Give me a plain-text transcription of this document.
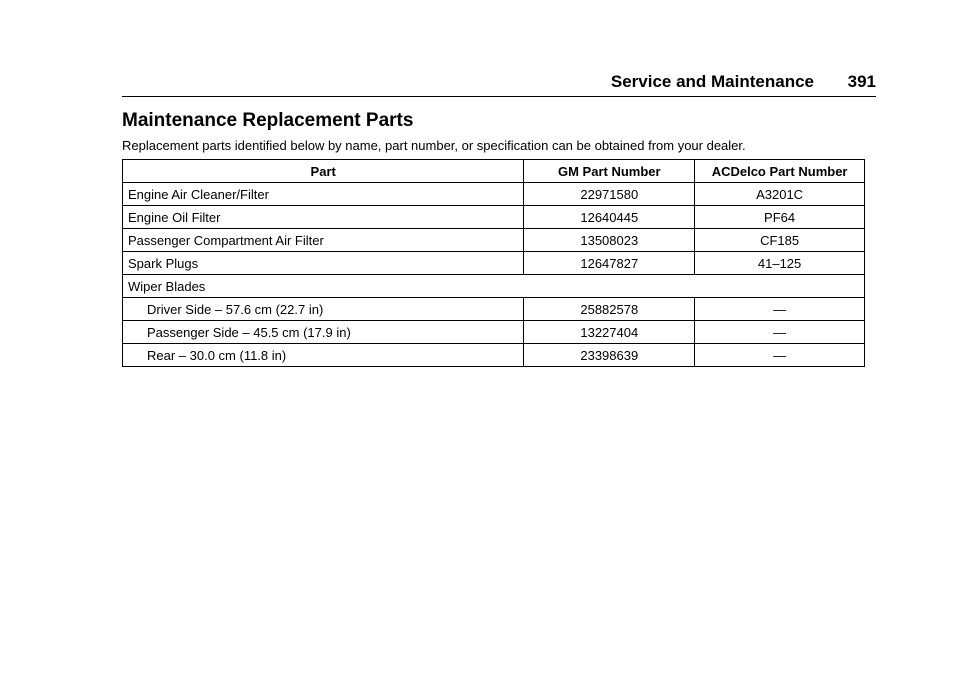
Service and Maintenance 391
Maintenance Replacement Parts

Replacement parts identified below by name, part number, or specification can be obtained from your dealer.

Part	GM Part Number	ACDelco Part Number
Engine Air Cleaner/Filter	22971580	A3201C
Engine Oil Filter	12640445	PF64
Passenger Compartment Air Filter	13508023	CF185
Spark Plugs	12647827	41–125
Wiper Blades		
Driver Side – 57.6 cm (22.7 in)	25882578	—
Passenger Side – 45.5 cm (17.9 in)	13227404	—
Rear – 30.0 cm (11.8 in)	23398639	—
